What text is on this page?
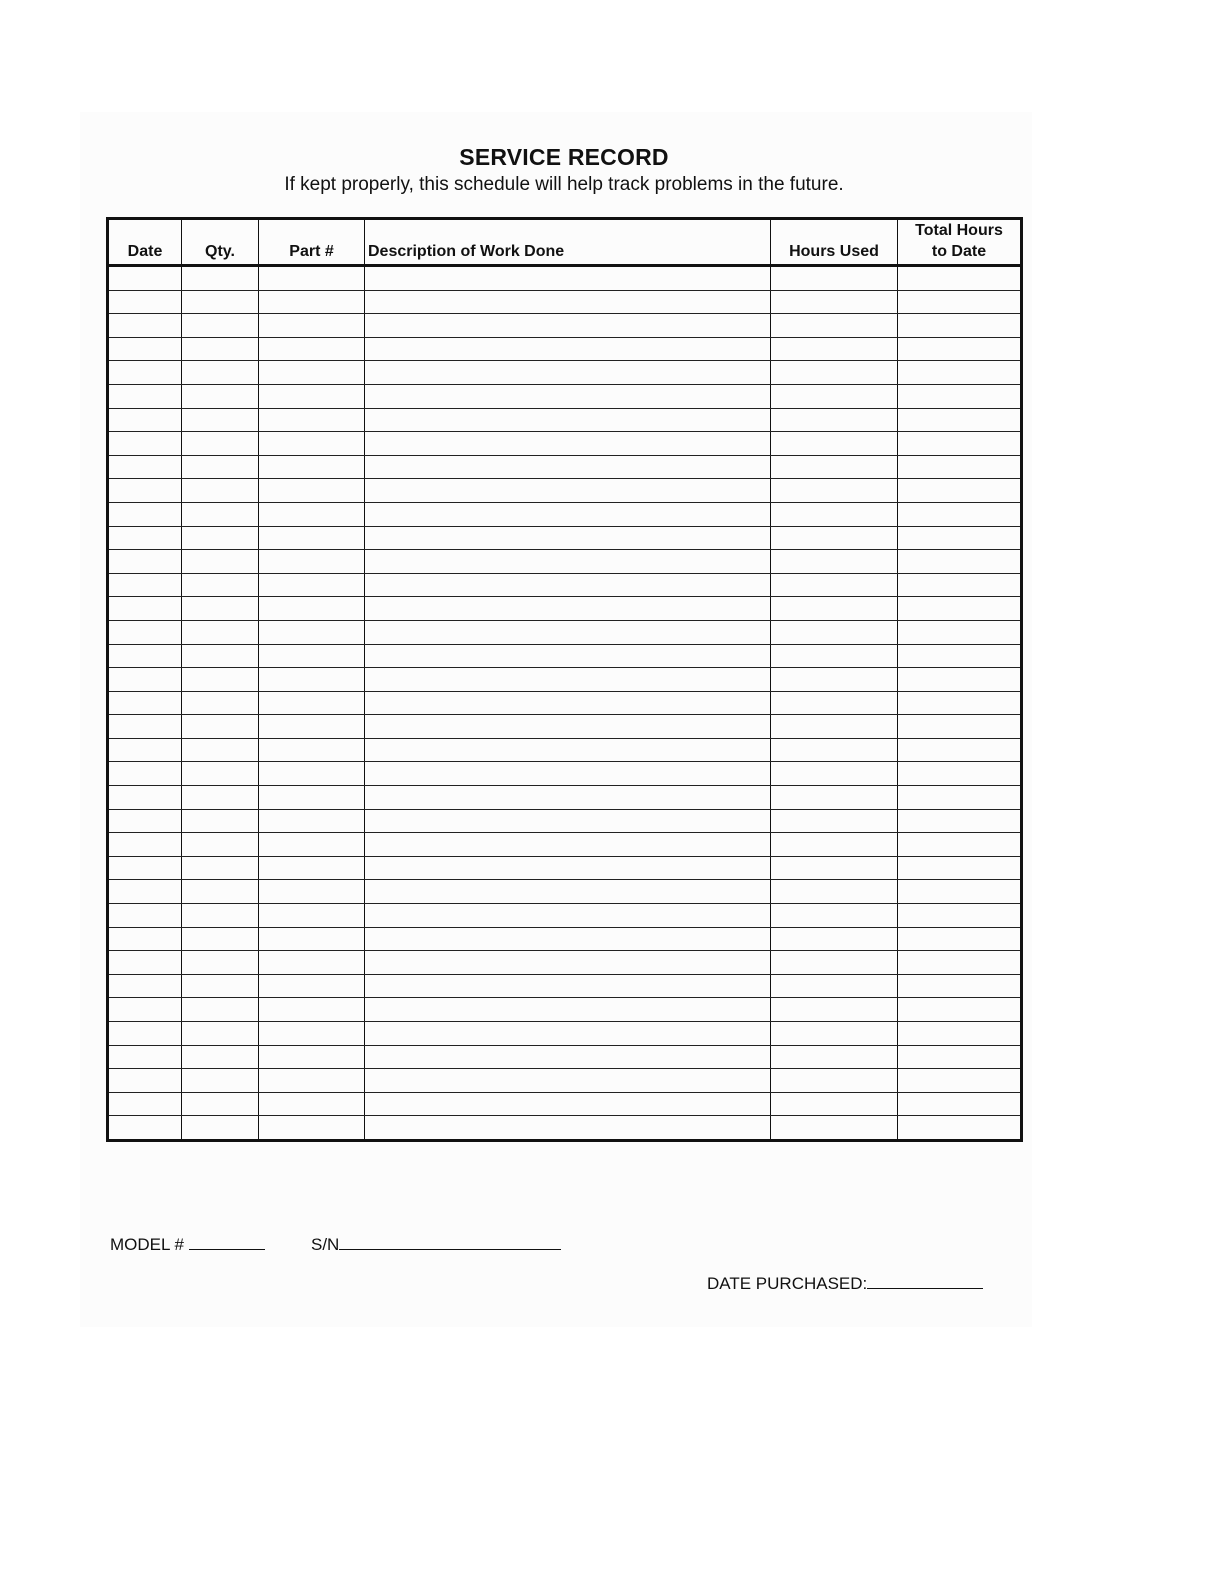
SERVICE RECORD
If kept properly, this schedule will help track problems in the future.
Date	Qty.	Part #	Description of Work Done	Hours Used	Total Hours
to Date

MODEL #	S/N
DATE PURCHASED:
